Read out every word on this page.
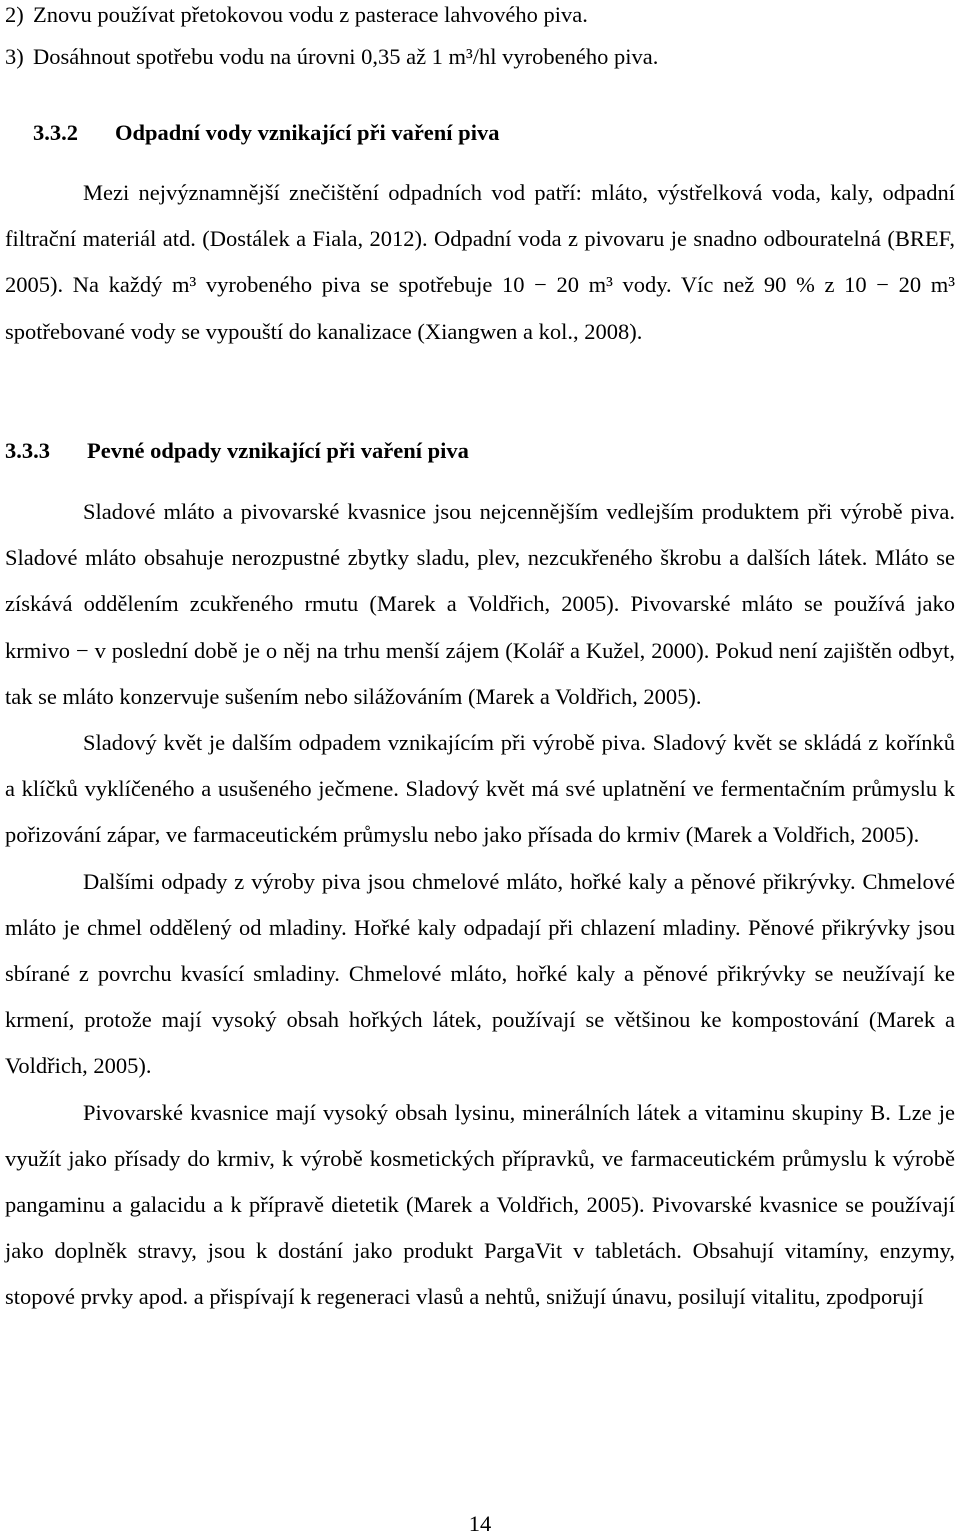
2) Znovu používat přetokovou vodu z pasterace lahvového piva.

3) Dosáhnout spotřebu vodu na úrovni 0,35 až 1 m³/hl vyrobeného piva.

3.3.2 Odpadní vody vznikající při vaření piva

Mezi nejvýznamnější znečištění odpadních vod patří: mláto, výstřelková voda, kaly, odpadní filtrační materiál atd. (Dostálek a Fiala, 2012). Odpadní voda z pivovaru je snadno odbouratelná (BREF, 2005). Na každý m³ vyrobeného piva se spotřebuje 10 − 20 m³ vody. Víc než 90 % z 10 − 20 m³ spotřebované vody se vypouští do kanalizace (Xiangwen a kol., 2008).

3.3.3 Pevné odpady vznikající při vaření piva

Sladové mláto a pivovarské kvasnice jsou nejcennějším vedlejším produktem při výrobě piva. Sladové mláto obsahuje nerozpustné zbytky sladu, plev, nezcukřeného škrobu a dalších látek. Mláto se získává oddělením zcukřeného rmutu (Marek a Voldřich, 2005). Pivovarské mláto se používá jako krmivo − v poslední době je o něj na trhu menší zájem (Kolář a Kužel, 2000). Pokud není zajištěn odbyt, tak se mláto konzervuje sušením nebo silážováním (Marek a Voldřich, 2005).

Sladový květ je dalším odpadem vznikajícím při výrobě piva. Sladový květ se skládá z kořínků a klíčků vyklíčeného a usušeného ječmene. Sladový květ má své uplatnění ve fermentačním průmyslu k pořizování zápar, ve farmaceutickém průmyslu nebo jako přísada do krmiv (Marek a Voldřich, 2005).

Dalšími odpady z výroby piva jsou chmelové mláto, hořké kaly a pěnové přikrývky. Chmelové mláto je chmel oddělený od mladiny. Hořké kaly odpadají při chlazení mladiny. Pěnové přikrývky jsou sbírané z povrchu kvasící smladiny. Chmelové mláto, hořké kaly a pěnové přikrývky se neužívají ke krmení, protože mají vysoký obsah hořkých látek, používají se většinou ke kompostování (Marek a Voldřich, 2005).

Pivovarské kvasnice mají vysoký obsah lysinu, minerálních látek a vitaminu skupiny B. Lze je využít jako přísady do krmiv, k výrobě kosmetických přípravků, ve farmaceutickém průmyslu k výrobě pangaminu a galacidu a k přípravě dietetik (Marek a Voldřich, 2005). Pivovarské kvasnice se používají jako doplněk stravy, jsou k dostání jako produkt PargaVit v tabletách. Obsahují vitamíny, enzymy, stopové prvky apod. a přispívají k regeneraci vlasů a nehtů, snižují únavu, posilují vitalitu, zpodporují

14
